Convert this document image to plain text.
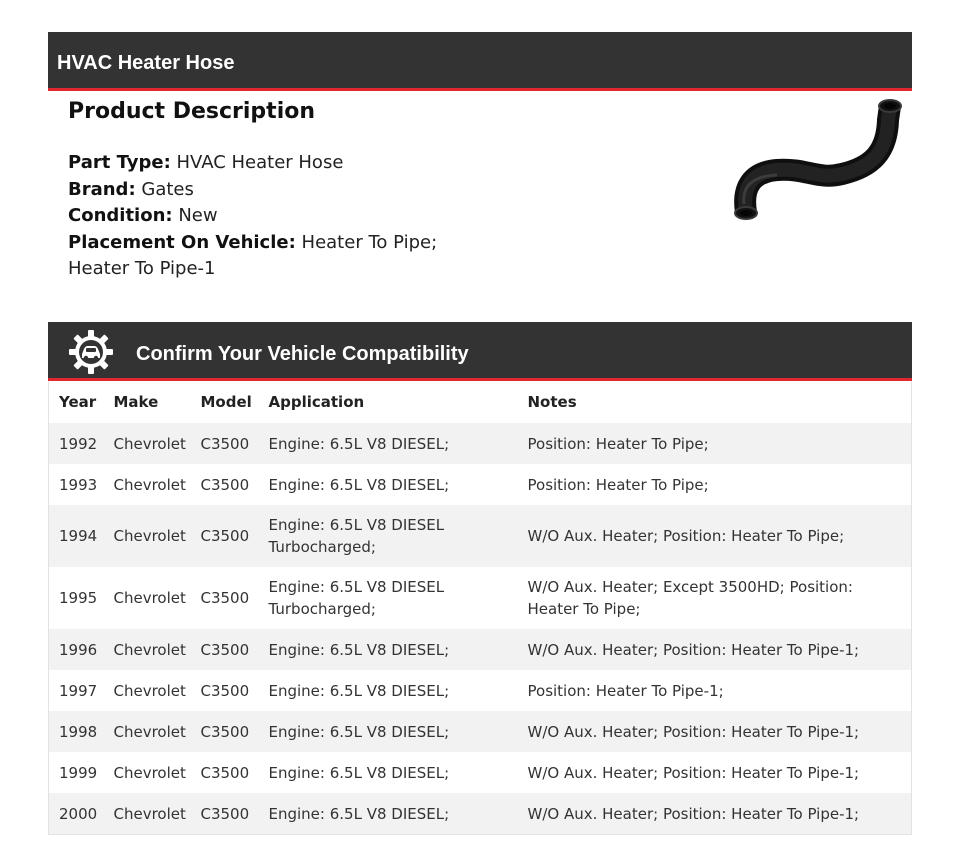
HVAC Heater Hose
Product Description
Part Type: HVAC Heater Hose
Brand: Gates
Condition: New
Placement On Vehicle: Heater To Pipe;
Heater To Pipe-1
Confirm Your Vehicle Compatibility
Year	Make	Model	Application	Notes
1992	Chevrolet	C3500	Engine: 6.5L V8 DIESEL;	Position: Heater To Pipe;
1993	Chevrolet	C3500	Engine: 6.5L V8 DIESEL;	Position: Heater To Pipe;
1994	Chevrolet	C3500	Engine: 6.5L V8 DIESEL Turbocharged;	W/O Aux. Heater; Position: Heater To Pipe;
1995	Chevrolet	C3500	Engine: 6.5L V8 DIESEL Turbocharged;	W/O Aux. Heater; Except 3500HD; Position: Heater To Pipe;
1996	Chevrolet	C3500	Engine: 6.5L V8 DIESEL;	W/O Aux. Heater; Position: Heater To Pipe-1;
1997	Chevrolet	C3500	Engine: 6.5L V8 DIESEL;	Position: Heater To Pipe-1;
1998	Chevrolet	C3500	Engine: 6.5L V8 DIESEL;	W/O Aux. Heater; Position: Heater To Pipe-1;
1999	Chevrolet	C3500	Engine: 6.5L V8 DIESEL;	W/O Aux. Heater; Position: Heater To Pipe-1;
2000	Chevrolet	C3500	Engine: 6.5L V8 DIESEL;	W/O Aux. Heater; Position: Heater To Pipe-1;
